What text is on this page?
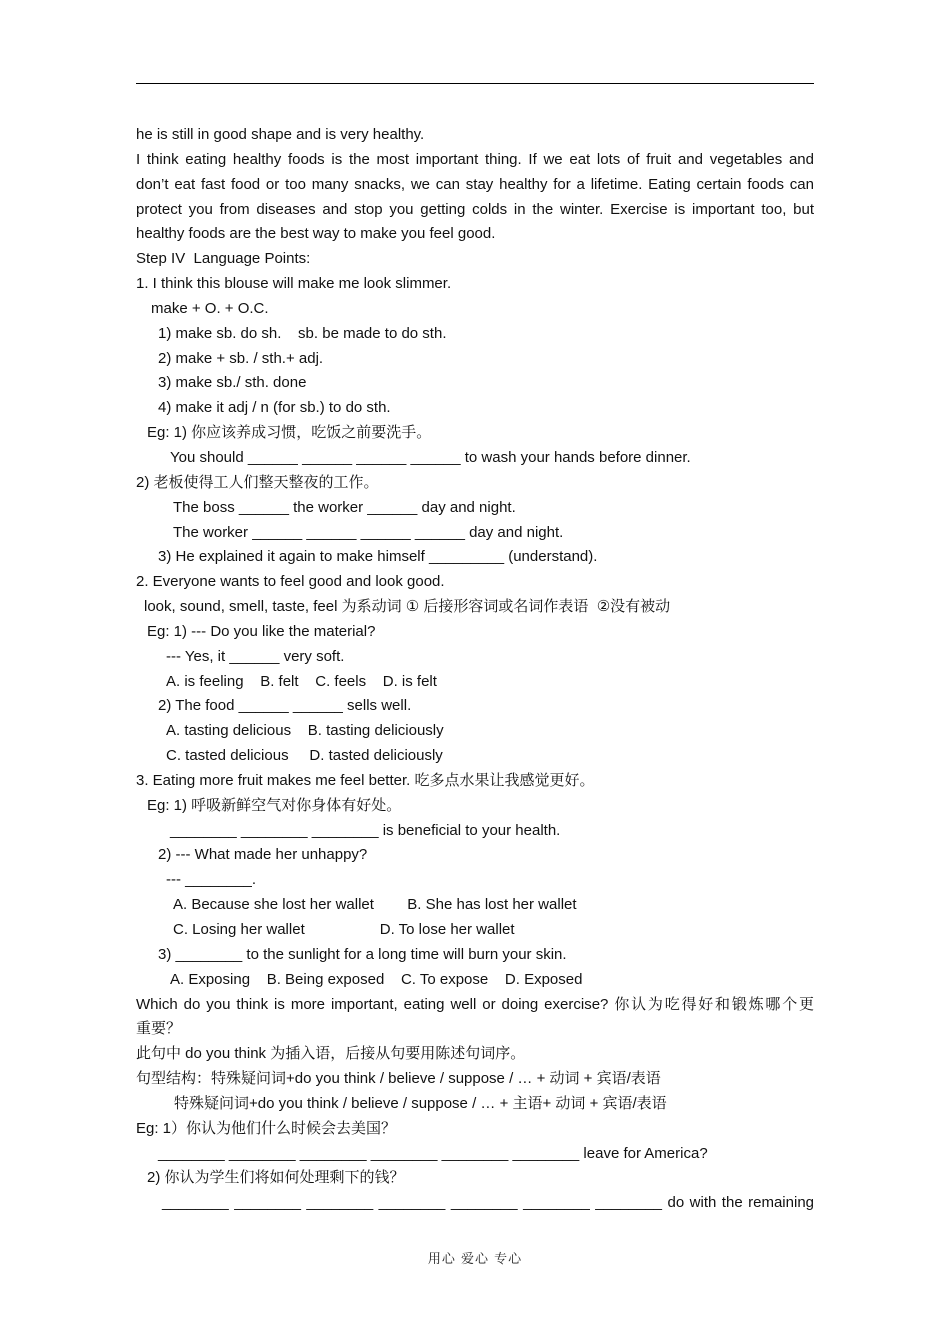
he is still in good shape and is very healthy.
I think eating healthy foods is the most important thing. If we eat lots of fruit and vegetables and
don’t eat fast food or too many snacks, we can stay healthy for a lifetime. Eating certain foods can
protect you from diseases and stop you getting colds in the winter. Exercise is important too, but
healthy foods are the best way to make you feel good.
Step IV  Language Points:
1. I think this blouse will make me look slimmer.
make + O. + O.C.
1) make sb. do sh.    sb. be made to do sth.
2) make + sb. / sth.+ adj.
3) make sb./ sth. done
4) make it adj / n (for sb.) to do sth.
Eg: 1) 你应该养成习惯，吃饭之前要洗手。
You should ______ ______ ______ ______ to wash your hands before dinner.
2) 老板使得工人们整天整夜的工作。
The boss ______ the worker ______ day and night.
The worker ______ ______ ______ ______ day and night.
3) He explained it again to make himself _________ (understand).
2. Everyone wants to feel good and look good.
look, sound, smell, taste, feel 为系动词 ① 后接形容词或名词作表语  ②没有被动
Eg: 1) --- Do you like the material?
--- Yes, it ______ very soft.
A. is feeling    B. felt    C. feels    D. is felt
2) The food ______ ______ sells well.
A. tasting delicious    B. tasting deliciously
C. tasted delicious     D. tasted deliciously
3. Eating more fruit makes me feel better. 吃多点水果让我感觉更好。
Eg: 1) 呼吸新鲜空气对你身体有好处。
________ ________ ________ is beneficial to your health.
2) --- What made her unhappy?
--- ________.
A. Because she lost her wallet        B. She has lost her wallet
C. Losing her wallet                  D. To lose her wallet
3) ________ to the sunlight for a long time will burn your skin.
A. Exposing    B. Being exposed    C. To expose    D. Exposed
Which do you think is more important, eating well or doing exercise? 你认为吃得好和锻炼哪个更
重要？
此句中 do you think 为插入语，后接从句要用陈述句词序。
句型结构：特殊疑问词+do you think / believe / suppose / … + 动词 + 宾语/表语
特殊疑问词+do you think / believe / suppose / … + 主语+ 动词 + 宾语/表语
Eg: 1）你认为他们什么时候会去美国？
________ ________ ________ ________ ________ ________ leave for America?
2) 你认为学生们将如何处理剩下的钱？
________ ________ ________ ________ ________ ________ ________ do with the remaining
用心 爱心 专心
